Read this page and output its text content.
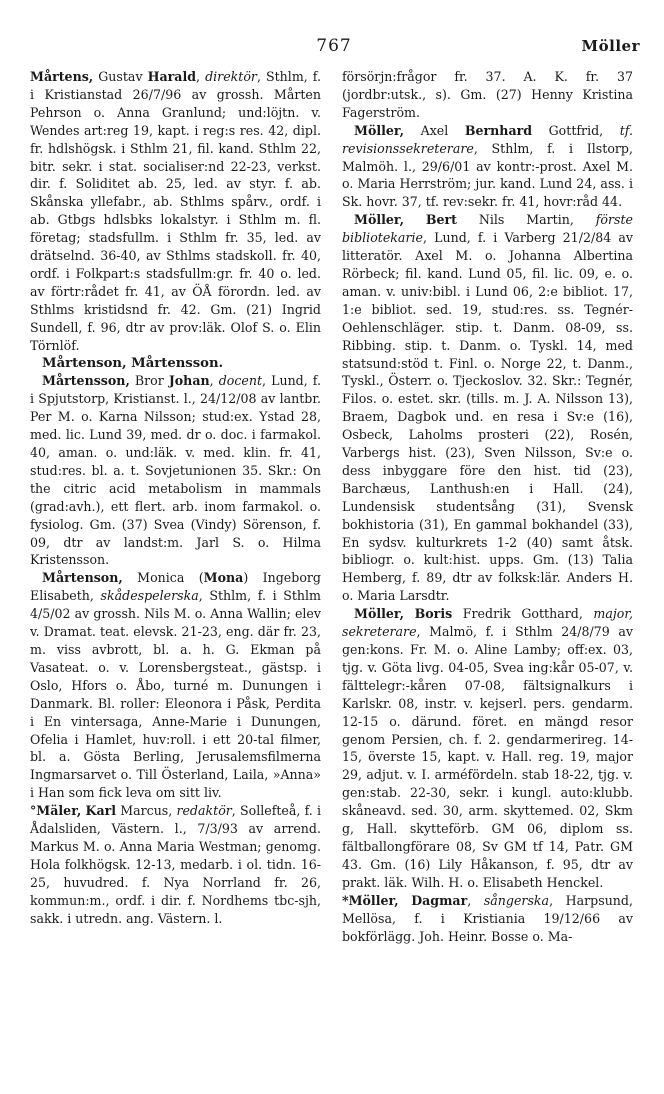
767	Möller

Mårtens, Gustav Harald, direktör, Sthlm, f. i Kristianstad 26/7/96 av grossh. Mårten Pehrson o. Anna Granlund; und:löjtn. v. Wendes art:reg 19, kapt. i reg:s res. 42, dipl. fr. hdlshögsk. i Sthlm 21, fil. kand. Sthlm 22, bitr. sekr. i stat. socialiser:nd 22-23, verkst. dir. f. Soliditet ab. 25, led. av styr. f. ab. Skånska yllefabr., ab. Sthlms spårv., ordf. i ab. Gtbgs hdlsbks lokalstyr. i Sthlm m. fl. företag; stadsfullm. i Sthlm fr. 35, led. av drätselnd. 36-40, av Sthlms stadskoll. fr. 40, ordf. i Folkpart:s stadsfullm:gr. fr. 40 o. led. av förtr:rådet fr. 41, av ÖÅ förordn. led. av Sthlms kristidsnd fr. 42. Gm. (21) Ingrid Sundell, f. 96, dtr av prov:läk. Olof S. o. Elin Törnlöf.

Mårtenson, Mårtensson.

Mårtensson, Bror Johan, docent, Lund, f. i Spjutstorp, Kristianst. l., 24/12/08 av lantbr. Per M. o. Karna Nilsson; stud:ex. Ystad 28, med. lic. Lund 39, med. dr o. doc. i farmakol. 40, aman. o. und:läk. v. med. klin. fr. 41, stud:res. bl. a. t. Sovjetunionen 35. Skr.: On the citric acid metabolism in mammals (grad:avh.), ett flert. arb. inom farmakol. o. fysiolog. Gm. (37) Svea (Vindy) Sörenson, f. 09, dtr av landst:m. Jarl S. o. Hilma Kristensson.

Mårtenson, Monica (Mona) Ingeborg Elisabeth, skådespelerska, Sthlm, f. i Sthlm 4/5/02 av grossh. Nils M. o. Anna Wallin; elev v. Dramat. teat. elevsk. 21-23, eng. där fr. 23, m. viss avbrott, bl. a. h. G. Ekman på Vasateat. o. v. Lorensbergsteat., gästsp. i Oslo, Hfors o. Åbo, turné m. Dunungen i Danmark. Bl. roller: Eleonora i Påsk, Perdita i En vintersaga, Anne-Marie i Dunungen, Ofelia i Hamlet, huv:roll. i ett 20-tal filmer, bl. a. Gösta Berling, Jerusalemsfilmerna Ingmarsarvet o. Till Österland, Laila, »Anna» i Han som fick leva om sitt liv.

°Mäler, Karl Marcus, redaktör, Sollefteå, f. i Ådalsliden, Västern. l., 7/3/93 av arrend. Markus M. o. Anna Maria Westman; genomg. Hola folkhögsk. 12-13, medarb. i ol. tidn. 16-25, huvudred. f. Nya Norrland fr. 26, kommun:m., ordf. i dir. f. Nordhems tbc-sjh, sakk. i utredn. ang. Västern. l.

försörjn:frågor fr. 37. A. K. fr. 37 (jordbr:utsk., s). Gm. (27) Henny Kristina Fagerström.

Möller, Axel Bernhard Gottfrid, tf. revisionssekreterare, Sthlm, f. i Ilstorp, Malmöh. l., 29/6/01 av kontr:-prost. Axel M. o. Maria Herrström; jur. kand. Lund 24, ass. i Sk. hovr. 37, tf. rev:sekr. fr. 41, hovr:råd 44.

Möller, Bert Nils Martin, förste bibliotekarie, Lund, f. i Varberg 21/2/84 av litteratör. Axel M. o. Johanna Albertina Rörbeck; fil. kand. Lund 05, fil. lic. 09, e. o. aman. v. univ:bibl. i Lund 06, 2:e bibliot. 17, 1:e bibliot. sed. 19, stud:res. ss. Tegnér-Oehlenschläger. stip. t. Danm. 08-09, ss. Ribbing. stip. t. Danm. o. Tyskl. 14, med statsund:stöd t. Finl. o. Norge 22, t. Danm., Tyskl., Österr. o. Tjeckoslov. 32. Skr.: Tegnér, Filos. o. estet. skr. (tills. m. J. A. Nilsson 13), Braem, Dagbok und. en resa i Sv:e (16), Osbeck, Laholms prosteri (22), Rosén, Varbergs hist. (23), Sven Nilsson, Sv:e o. dess inbyggare före den hist. tid (23), Barchæus, Lanthush:en i Hall. (24), Lundensisk studentsång (31), Svensk bokhistoria (31), En gammal bokhandel (33), En sydsv. kulturkrets 1-2 (40) samt åtsk. bibliogr. o. kult:hist. upps. Gm. (13) Talia Hemberg, f. 89, dtr av folksk:lär. Anders H. o. Maria Larsdtr.

Möller, Boris Fredrik Gotthard, major, sekreterare, Malmö, f. i Sthlm 24/8/79 av gen:kons. Fr. M. o. Aline Lamby; off:ex. 03, tjg. v. Göta livg. 04-05, Svea ing:kår 05-07, v. fälttelegr:-kåren 07-08, fältsignalkurs i Karlskr. 08, instr. v. kejserl. pers. gendarm. 12-15 o. därund. föret. en mängd resor genom Persien, ch. f. 2. gendarmerireg. 14-15, överste 15, kapt. v. Hall. reg. 19, major 29, adjut. v. I. arméfördeln. stab 18-22, tjg. v. gen:stab. 22-30, sekr. i kungl. auto:klubb. skåneavd. sed. 30, arm. skyttemed. 02, Skm g, Hall. skytteförb. GM 06, diplom ss. fältballongförare 08, Sv GM tf 14, Patr. GM 43. Gm. (16) Lily Håkanson, f. 95, dtr av prakt. läk. Wilh. H. o. Elisabeth Henckel.

*Möller, Dagmar, sångerska, Harpsund, Mellösa, f. i Kristiania 19/12/66 av bokförlägg. Joh. Heinr. Bosse o. Ma-
